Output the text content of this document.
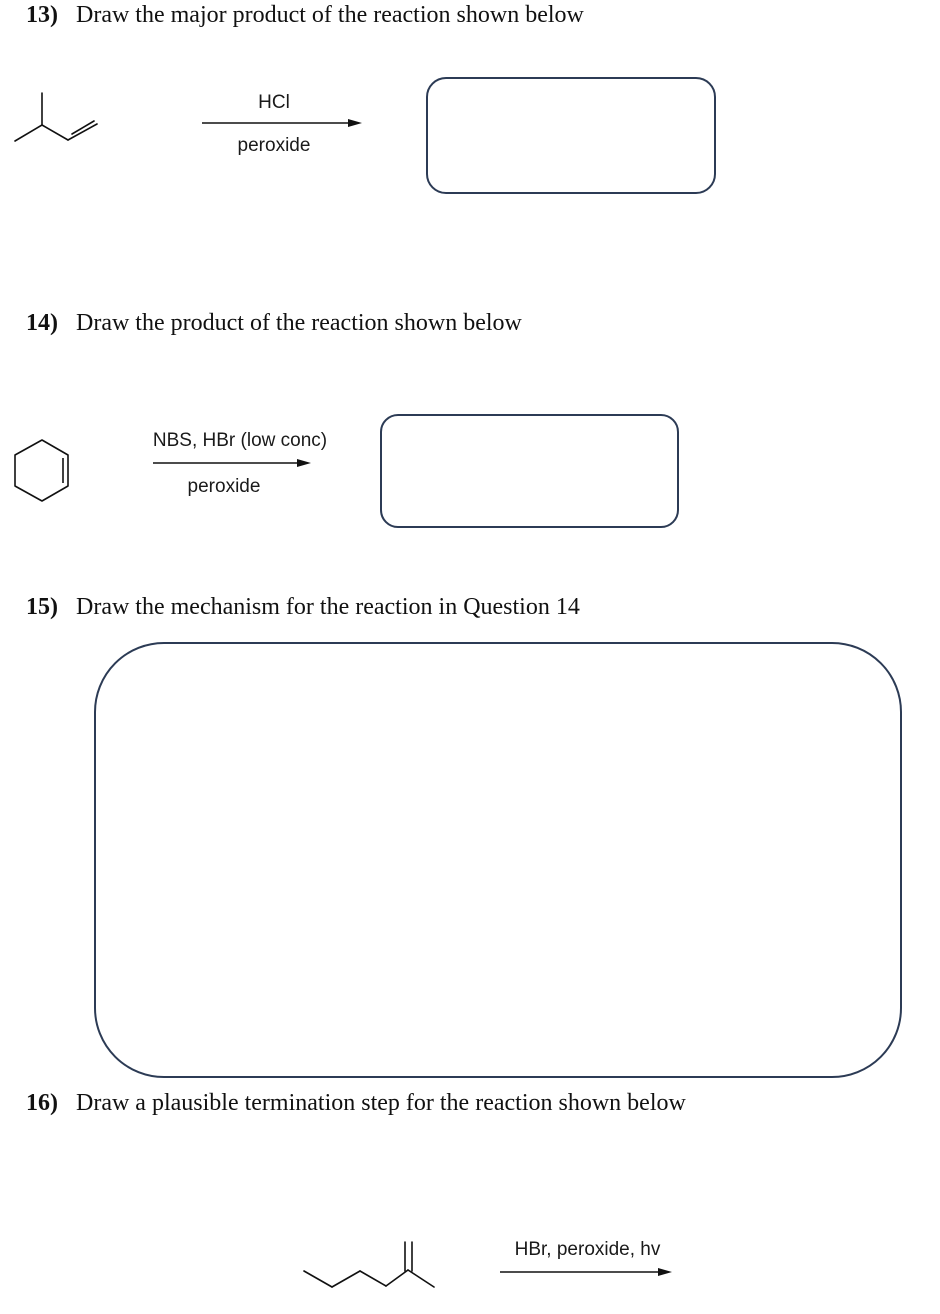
13) Draw the major product of the reaction shown below
HCl
peroxide
14) Draw the product of the reaction shown below
NBS, HBr (low conc)
peroxide
15) Draw the mechanism for the reaction in Question 14
16) Draw a plausible termination step for the reaction shown below
HBr, peroxide, hv
